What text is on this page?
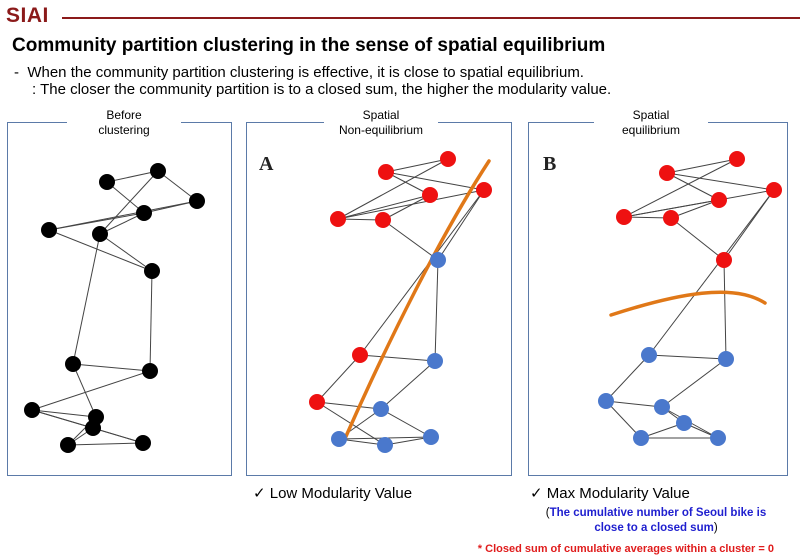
SIAI
Community partition clustering in the sense of spatial equilibrium
- When the community partition clustering is effective, it is close to spatial equilibrium.
: The closer the community partition is to a closed sum, the higher the modularity value.
Before
clustering
A
Spatial
Non-equilibrium
B
Spatial
equilibrium
✓ Low Modularity Value	✓ Max Modularity Value
(The cumulative number of Seoul bike is close to a closed sum)
* Closed sum of cumulative averages within a cluster = 0
